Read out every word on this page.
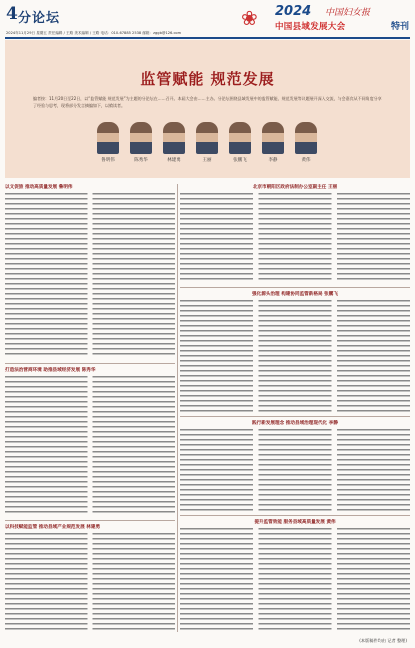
4 分论坛	❀	2024 中国妇女报
中国县域发展大会	特刊
2024年11月29日 星期五 责任编辑 / 王路 美术编辑 / 王路 电话：010-67885 2538 邮箱：zggb@126.com
监管赋能 规范发展
编者按：11月20日至22日，以“监管赋能 规范发展”为主题的分论坛在……召开。本届大会由……主办。分论坛围绕县域发展中的监管赋能、规范发展等议题展开深入交流，与会嘉宾从不同角度分享了经验与思考，现将部分发言摘编如下，以飨读者。
鲁明伟	陈秀华	林建勇	王丽	张鹏飞	李静	黄伟
以文促旅 推动高质量发展 鲁明伟
打造法治营商环境 助推县域经济发展 陈秀华
以科技赋能监管 推动县域产业规范发展 林建勇
北京市朝阳区政府法制办公室副主任 王丽
强化源头治理 构建协同监管新格局 张鹏飞
践行新发展理念 推动县域治理现代化 李静
提升监管效能 服务县域高质量发展 黄伟
(本版稿件均由 记者 整理)
